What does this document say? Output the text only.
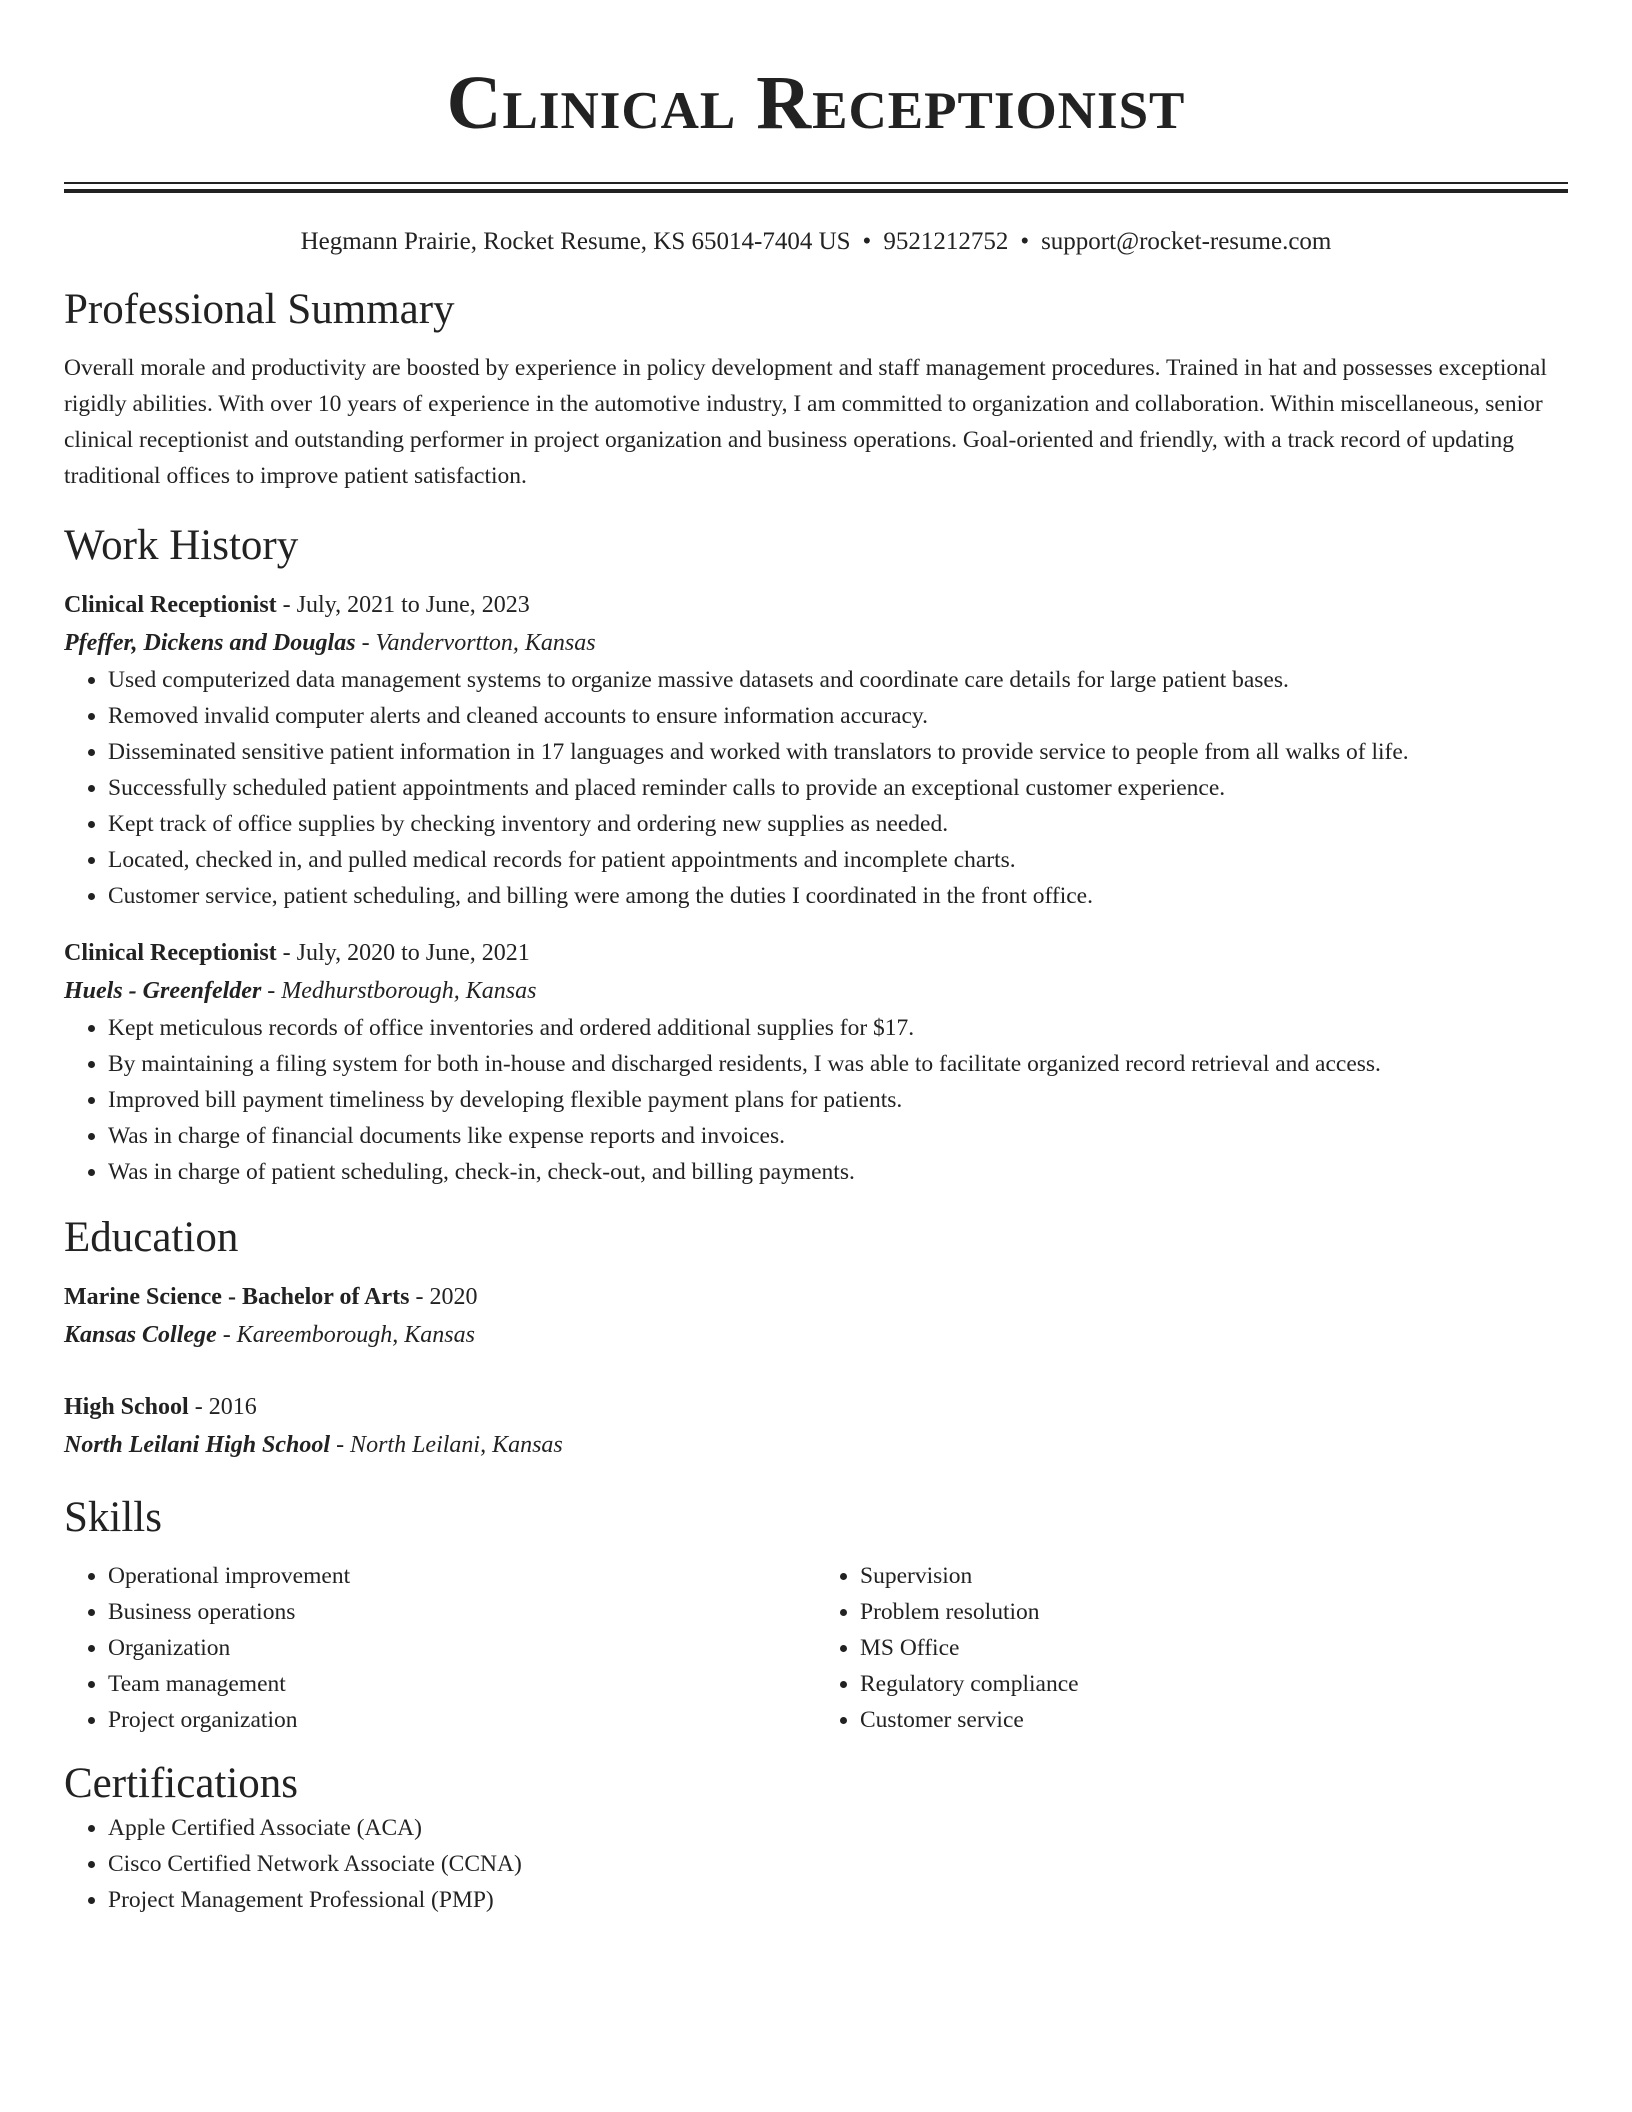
Clinical Receptionist
Hegmann Prairie, Rocket Resume, KS 65014-7404 US • 9521212752 • support@rocket-resume.com
Professional Summary

Overall morale and productivity are boosted by experience in policy development and staff management procedures. Trained in hat and possesses exceptional rigidly abilities. With over 10 years of experience in the automotive industry, I am committed to organization and collaboration. Within miscellaneous, senior clinical receptionist and outstanding performer in project organization and business operations. Goal-oriented and friendly, with a track record of updating traditional offices to improve patient satisfaction.

Work History
Clinical Receptionist - July, 2021 to June, 2023
Pfeffer, Dickens and Douglas - Vandervortton, Kansas
• Used computerized data management systems to organize massive datasets and coordinate care details for large patient bases.
• Removed invalid computer alerts and cleaned accounts to ensure information accuracy.
• Disseminated sensitive patient information in 17 languages and worked with translators to provide service to people from all walks of life.
• Successfully scheduled patient appointments and placed reminder calls to provide an exceptional customer experience.
• Kept track of office supplies by checking inventory and ordering new supplies as needed.
• Located, checked in, and pulled medical records for patient appointments and incomplete charts.
• Customer service, patient scheduling, and billing were among the duties I coordinated in the front office.
Clinical Receptionist - July, 2020 to June, 2021
Huels - Greenfelder - Medhurstborough, Kansas
• Kept meticulous records of office inventories and ordered additional supplies for $17.
• By maintaining a filing system for both in-house and discharged residents, I was able to facilitate organized record retrieval and access.
• Improved bill payment timeliness by developing flexible payment plans for patients.
• Was in charge of financial documents like expense reports and invoices.
• Was in charge of patient scheduling, check-in, check-out, and billing payments.
Education
Marine Science - Bachelor of Arts - 2020
Kansas College - Kareemborough, Kansas
High School - 2016
North Leilani High School - North Leilani, Kansas
Skills
• Operational improvement
• Business operations
• Organization
• Team management
• Project organization
• Supervision
• Problem resolution
• MS Office
• Regulatory compliance
• Customer service
Certifications
• Apple Certified Associate (ACA)
• Cisco Certified Network Associate (CCNA)
• Project Management Professional (PMP)
